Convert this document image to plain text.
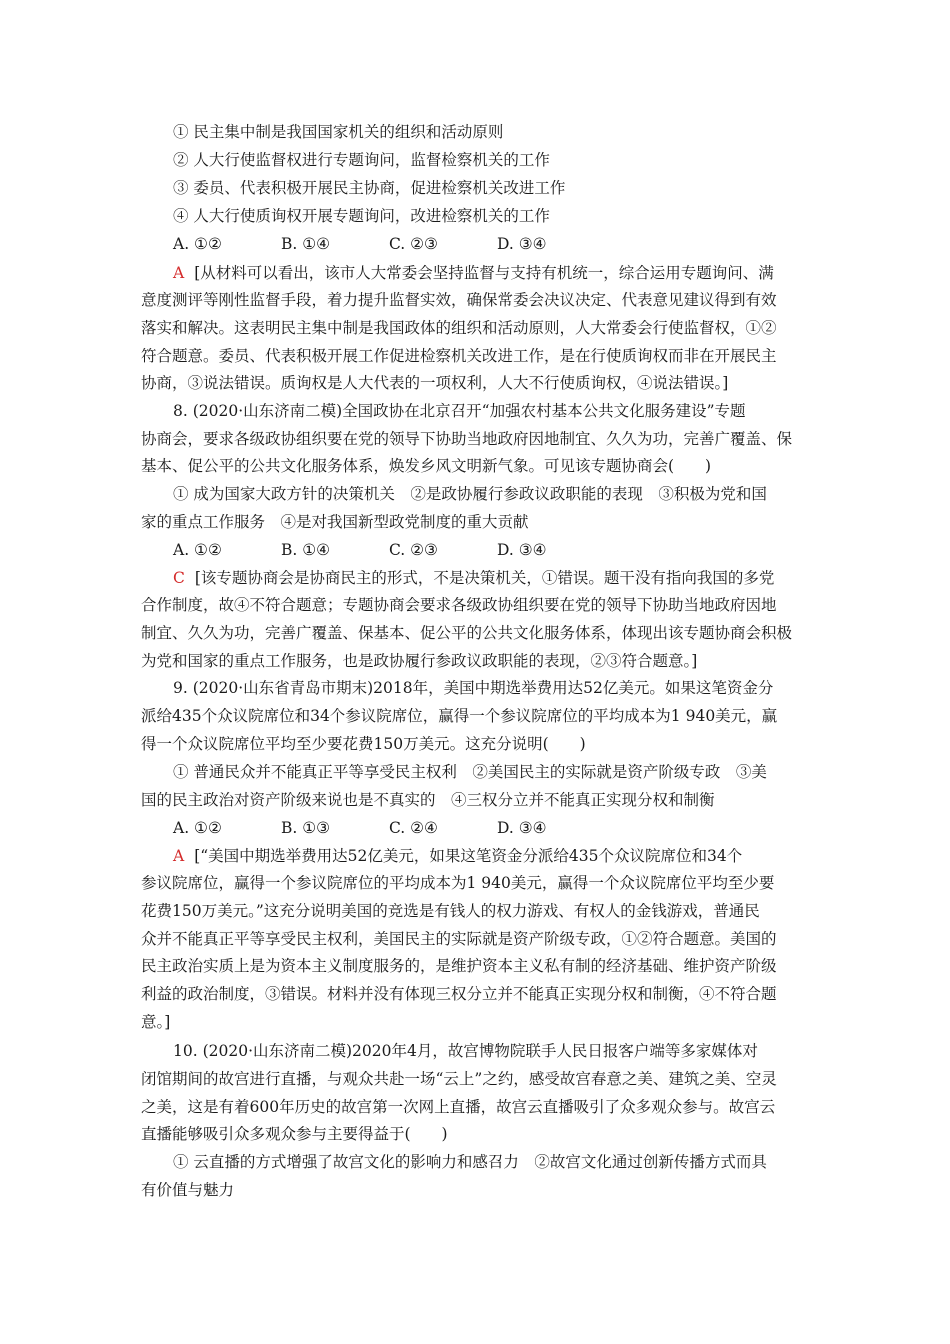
① 民主集中制是我国国家机关的组织和活动原则
② 人大行使监督权进行专题询问，监督检察机关的工作
③ 委员、代表积极开展民主协商，促进检察机关改进工作
④ 人大行使质询权开展专题询问，改进检察机关的工作
A. ①②	B. ①④	C. ②③	D. ③④
A [从材料可以看出，该市人大常委会坚持监督与支持有机统一，综合运用专题询问、满
意度测评等刚性监督手段，着力提升监督实效，确保常委会决议决定、代表意见建议得到有效
落实和解决。这表明民主集中制是我国政体的组织和活动原则，人大常委会行使监督权，①②
符合题意。委员、代表积极开展工作促进检察机关改进工作，是在行使质询权而非在开展民主
协商，③说法错误。质询权是人大代表的一项权利，人大不行使质询权，④说法错误。]
8. (2020·山东济南二模)全国政协在北京召开“加强农村基本公共文化服务建设”专题
协商会，要求各级政协组织要在党的领导下协助当地政府因地制宜、久久为功，完善广覆盖、保
基本、促公平的公共文化服务体系，焕发乡风文明新气象。可见该专题协商会(　　)
① 成为国家大政方针的决策机关　②是政协履行参政议政职能的表现　③积极为党和国
家的重点工作服务　④是对我国新型政党制度的重大贡献
A. ①②	B. ①④	C. ②③	D. ③④
C [该专题协商会是协商民主的形式，不是决策机关，①错误。题干没有指向我国的多党
合作制度，故④不符合题意；专题协商会要求各级政协组织要在党的领导下协助当地政府因地
制宜、久久为功，完善广覆盖、保基本、促公平的公共文化服务体系，体现出该专题协商会积极
为党和国家的重点工作服务，也是政协履行参政议政职能的表现，②③符合题意。]
9. (2020·山东省青岛市期末)2018年，美国中期选举费用达52亿美元。如果这笔资金分
派给435个众议院席位和34个参议院席位，赢得一个参议院席位的平均成本为1 940美元，赢
得一个众议院席位平均至少要花费150万美元。这充分说明(　　)
① 普通民众并不能真正平等享受民主权利　②美国民主的实际就是资产阶级专政　③美
国的民主政治对资产阶级来说也是不真实的　④三权分立并不能真正实现分权和制衡
A. ①②	B. ①③	C. ②④	D. ③④
A [“美国中期选举费用达52亿美元，如果这笔资金分派给435个众议院席位和34个
参议院席位，赢得一个参议院席位的平均成本为1 940美元，赢得一个众议院席位平均至少要
花费150万美元。”这充分说明美国的竞选是有钱人的权力游戏、有权人的金钱游戏，普通民
众并不能真正平等享受民主权利，美国民主的实际就是资产阶级专政，①②符合题意。美国的
民主政治实质上是为资本主义制度服务的，是维护资本主义私有制的经济基础、维护资产阶级
利益的政治制度，③错误。材料并没有体现三权分立并不能真正实现分权和制衡，④不符合题
意。]
10. (2020·山东济南二模)2020年4月，故宫博物院联手人民日报客户端等多家媒体对
闭馆期间的故宫进行直播，与观众共赴一场“云上”之约，感受故宫春意之美、建筑之美、空灵
之美，这是有着600年历史的故宫第一次网上直播，故宫云直播吸引了众多观众参与。故宫云
直播能够吸引众多观众参与主要得益于(　　)
① 云直播的方式增强了故宫文化的影响力和感召力　②故宫文化通过创新传播方式而具
有价值与魅力
